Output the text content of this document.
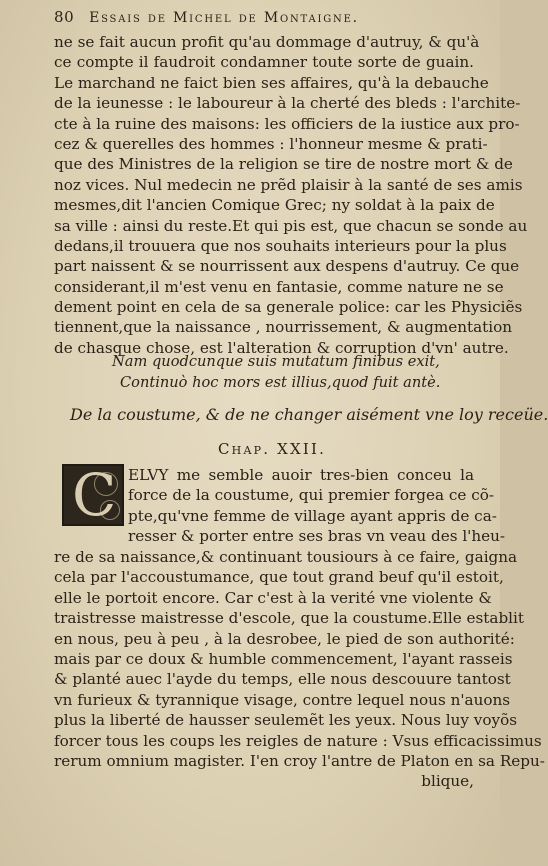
80 Essais de Michel de Montaigne.
ne se fait aucun profit qu'au dommage d'autruy, & qu'à
ce compte il faudroit condamner toute sorte de guain.
Le marchand ne faict bien ses affaires, qu'à la debauche
de la ieunesse : le laboureur à la cherté des bleds : l'archite-
cte à la ruine des maisons: les officiers de la iustice aux pro-
cez & querelles des hommes : l'honneur mesme & prati-
que des Ministres de la religion se tire de nostre mort & de
noz vices. Nul medecin ne prẽd plaisir à la santé de ses amis
mesmes,dit l'ancien Comique Grec; ny soldat à la paix de
sa ville : ainsi du reste.Et qui pis est, que chacun se sonde au
dedans,il trouuera que nos souhaits interieurs pour la plus
part naissent & se nourrissent aux despens d'autruy. Ce que
considerant,il m'est venu en fantasie, comme nature ne se
dement point en cela de sa generale police: car les Physiciẽs
tiennent,que la naissance , nourrissement, & augmentation
de chasque chose, est l'alteration & corruption d'vn' autre.
Nam quodcunque suis mutatum finibus exit,
Continuò hoc mors est illius,quod fuit antè.
De la coustume, & de ne changer aisément vne loy receüe.
Chap. XXII.
C ELVY me semble auoir tres-bien conceu la
force de la coustume, qui premier forgea ce cõ-
pte,qu'vne femme de village ayant appris de ca-
resser & porter entre ses bras vn veau des l'heu-
re de sa naissance,& continuant tousiours à ce faire, gaigna
cela par l'accoustumance, que tout grand beuf qu'il estoit,
elle le portoit encore. Car c'est à la verité vne violente &
traistresse maistresse d'escole, que la coustume.Elle establit
en nous, peu à peu , à la desrobee, le pied de son authorité:
mais par ce doux & humble commencement, l'ayant rasseis
& planté auec l'ayde du temps, elle nous descouure tantost
vn furieux & tyrannique visage, contre lequel nous n'auons
plus la liberté de hausser seulemẽt les yeux. Nous luy voyõs
forcer tous les coups les reigles de nature : Vsus efficacissimus
rerum omnium magister. I'en croy l'antre de Platon en sa Repu-
blique,
